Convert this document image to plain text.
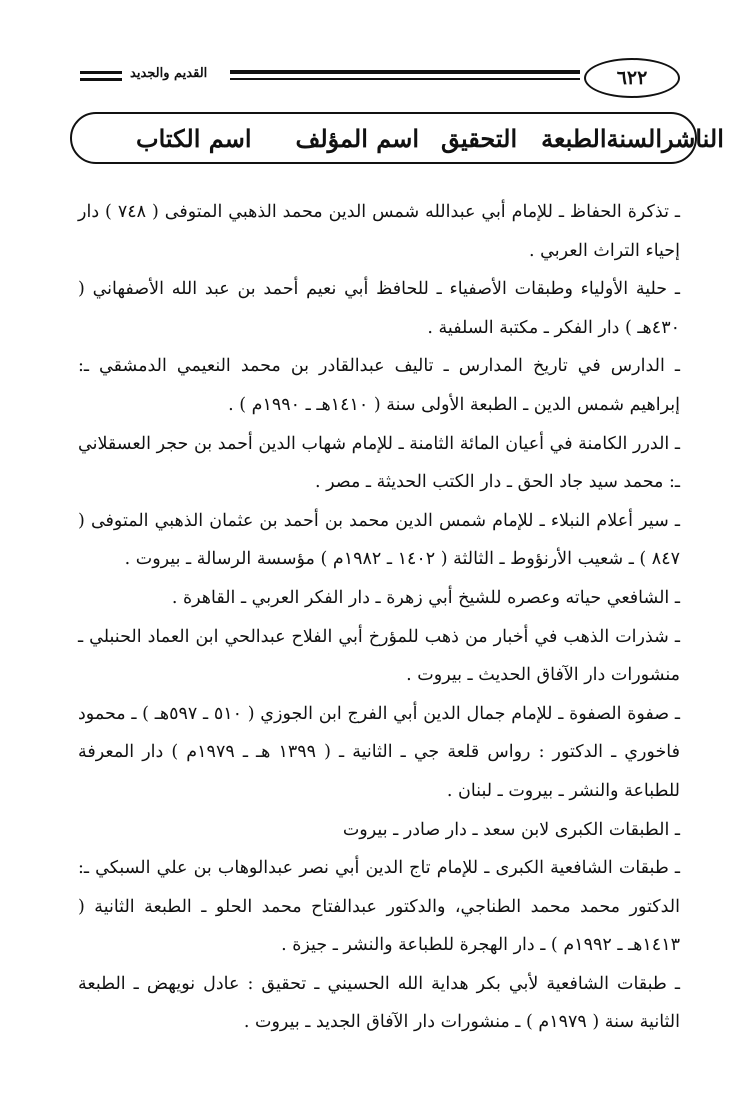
القديم والجديد	٦٢٢
اسم الكتاب اسم المؤلف التحقيق الطبعة السنة الناشر

ـ تذكرة الحفاظ ـ للإمام أبي عبدالله شمس الدين محمد الذهبي المتوفى ( ٧٤٨ ) دار إحياء التراث العربي .

ـ حلية الأولياء وطبقات الأصفياء ـ للحافظ أبي نعيم أحمد بن عبد الله الأصفهاني ( ٤٣٠هـ ) دار الفكر ـ مكتبة السلفية .

ـ الدارس في تاريخ المدارس ـ تاليف عبدالقادر بن محمد النعيمي الدمشقي ـ: إبراهيم شمس الدين ـ الطبعة الأولى سنة ( ١٤١٠هـ ـ ١٩٩٠م ) .

ـ الدرر الكامنة في أعيان المائة الثامنة ـ للإمام شهاب الدين أحمد بن حجر العسقلاني ـ: محمد سيد جاد الحق ـ دار الكتب الحديثة ـ مصر .

ـ سير أعلام النبلاء ـ للإمام شمس الدين محمد بن أحمد بن عثمان الذهبي المتوفى ( ٨٤٧ ) ـ شعيب الأرنؤوط ـ الثالثة ( ١٤٠٢ ـ ١٩٨٢م ) مؤسسة الرسالة ـ بيروت .

ـ الشافعي حياته وعصره للشيخ أبي زهرة ـ دار الفكر العربي ـ القاهرة .

ـ شذرات الذهب في أخبار من ذهب للمؤرخ أبي الفلاح عبدالحي ابن العماد الحنبلي ـ منشورات دار الآفاق الحديث ـ بيروت .

ـ صفوة الصفوة ـ للإمام جمال الدين أبي الفرج ابن الجوزي ( ٥١٠ ـ ٥٩٧هـ ) ـ محمود فاخوري ـ الدكتور : رواس قلعة جي ـ الثانية ـ ( ١٣٩٩ هـ ـ ١٩٧٩م ) دار المعرفة للطباعة والنشر ـ بيروت ـ لبنان .

ـ الطبقات الكبرى لابن سعد ـ دار صادر ـ بيروت

ـ طبقات الشافعية الكبرى ـ للإمام تاج الدين أبي نصر عبدالوهاب بن علي السبكي ـ: الدكتور محمد محمد الطناجي، والدكتور عبدالفتاح محمد الحلو ـ الطبعة الثانية ( ١٤١٣هـ ـ ١٩٩٢م ) ـ دار الهجرة للطباعة والنشر ـ جيزة .

ـ طبقات الشافعية لأبي بكر هداية الله الحسيني ـ تحقيق : عادل نويهض ـ الطبعة الثانية سنة ( ١٩٧٩م ) ـ منشورات دار الآفاق الجديد ـ بيروت .
